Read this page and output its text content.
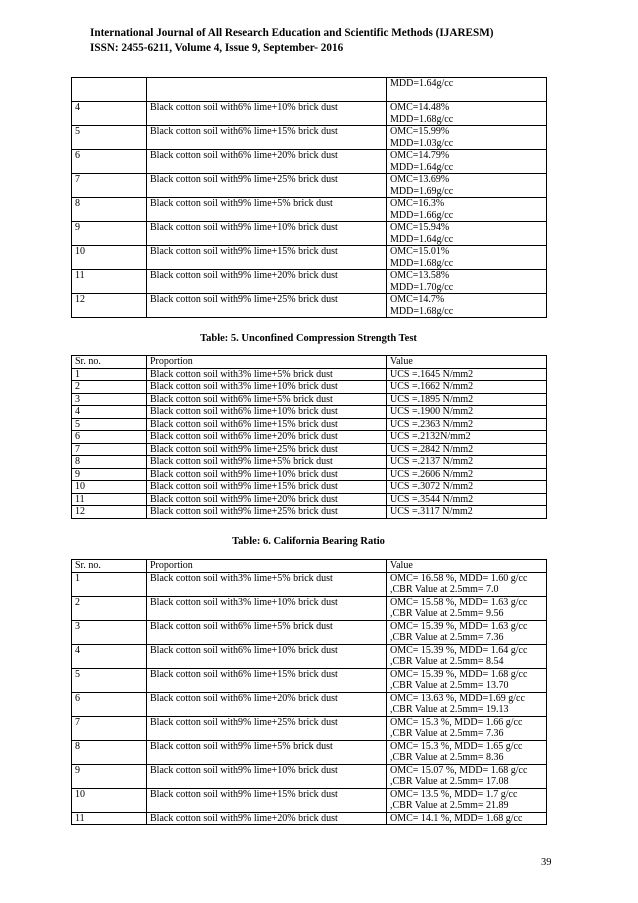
International Journal of All Research Education and Scientific Methods (IJARESM)
ISSN: 2455-6211, Volume 4, Issue 9, September- 2016

		MDD=1.64g/cc

4	Black cotton soil with6% lime+10% brick dust	OMC=14.48%
MDD=1.68g/cc

5	Black cotton soil with6% lime+15% brick dust	OMC=15.99%
MDD=1.03g/cc

6	Black cotton soil with6% lime+20% brick dust	OMC=14.79%
MDD=1.64g/cc

7	Black cotton soil with9% lime+25% brick dust	OMC=13.69%
MDD=1.69g/cc

8	Black cotton soil with9% lime+5% brick dust	OMC=16.3%
MDD=1.66g/cc

9	Black cotton soil with9% lime+10% brick dust	OMC=15.94%
MDD=1.64g/cc

10	Black cotton soil with9% lime+15% brick dust	OMC=15.01%
MDD=1.68g/cc

11	Black cotton soil with9% lime+20% brick dust	OMC=13.58%
MDD=1.70g/cc

12	Black cotton soil with9% lime+25% brick dust	OMC=14.7%
MDD=1.68g/cc
Table: 5. Unconfined Compression Strength Test
Sr. no.	Proportion	Value
1	Black cotton soil with3% lime+5% brick dust	UCS =.1645 N/mm2
2	Black cotton soil with3% lime+10% brick dust	UCS =.1662 N/mm2
3	Black cotton soil with6% lime+5% brick dust	UCS =.1895 N/mm2
4	Black cotton soil with6% lime+10% brick dust	UCS =.1900 N/mm2
5	Black cotton soil with6% lime+15% brick dust	UCS =.2363 N/mm2
6	Black cotton soil with6% lime+20% brick dust	UCS =.2132N/mm2
7	Black cotton soil with9% lime+25% brick dust	UCS =.2842 N/mm2
8	Black cotton soil with9% lime+5% brick dust	UCS =.2137 N/mm2
9	Black cotton soil with9% lime+10% brick dust	UCS =.2606 N/mm2
10	Black cotton soil with9% lime+15% brick dust	UCS =.3072 N/mm2
11	Black cotton soil with9% lime+20% brick dust	UCS =.3544 N/mm2
12	Black cotton soil with9% lime+25% brick dust	UCS =.3117 N/mm2
Table: 6. California Bearing Ratio
Sr. no.	Proportion	Value
1	Black cotton soil with3% lime+5% brick dust	OMC= 16.58 %, MDD= 1.60 g/cc
,CBR Value at 2.5mm= 7.0

2	Black cotton soil with3% lime+10% brick dust	OMC= 15.58 %, MDD= 1.63 g/cc
,CBR Value at 2.5mm= 9.56

3	Black cotton soil with6% lime+5% brick dust	OMC= 15.39 %, MDD= 1.63 g/cc
,CBR Value at 2.5mm= 7.36

4	Black cotton soil with6% lime+10% brick dust	OMC= 15.39 %, MDD= 1.64 g/cc
,CBR Value at 2.5mm= 8.54

5	Black cotton soil with6% lime+15% brick dust	OMC= 15.39 %, MDD= 1.68 g/cc
,CBR Value at 2.5mm= 13.70

6	Black cotton soil with6% lime+20% brick dust	OMC= 13.63 %, MDD=1.69 g/cc
,CBR Value at 2.5mm= 19.13

7	Black cotton soil with9% lime+25% brick dust	OMC= 15.3 %, MDD= 1.66 g/cc
,CBR Value at 2.5mm= 7.36

8	Black cotton soil with9% lime+5% brick dust	OMC= 15.3 %, MDD= 1.65 g/cc
,CBR Value at 2.5mm= 8.36

9	Black cotton soil with9% lime+10% brick dust	OMC= 15.07 %, MDD= 1.68 g/cc
,CBR Value at 2.5mm= 17.08

10	Black cotton soil with9% lime+15% brick dust	OMC= 13.5 %, MDD= 1.7 g/cc
,CBR Value at 2.5mm= 21.89

11	Black cotton soil with9% lime+20% brick dust	OMC= 14.1 %, MDD= 1.68 g/cc
39
